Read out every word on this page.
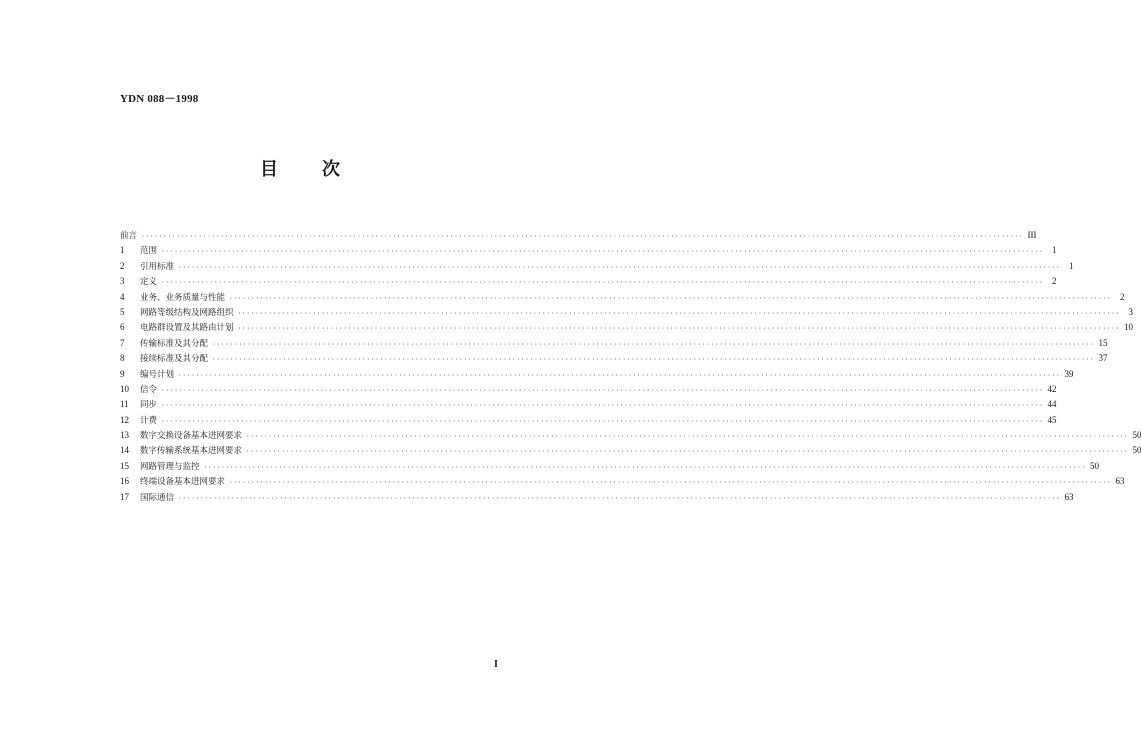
YDN 088－1998
目 次
前言 ········································································································································································································ III
1	范围 ········································································································································································································ 1
2	引用标准 ········································································································································································································ 1
3	定义 ········································································································································································································ 2
4	业务、业务质量与性能 ········································································································································································································ 2
5	网路等级结构及网路组织 ········································································································································································································ 3
6	电路群设置及其路由计划 ········································································································································································································ 10
7	传输标准及其分配 ········································································································································································································ 15
8	接续标准及其分配 ········································································································································································································ 37
9	编号计划 ········································································································································································································ 39
10	信令 ········································································································································································································ 42
11	同步 ········································································································································································································ 44
12	计费 ········································································································································································································ 45
13	数字交换设备基本进网要求 ········································································································································································································ 50
14	数字传输系统基本进网要求 ········································································································································································································ 50
15	网路管理与监控 ········································································································································································································ 50
16	终端设备基本进网要求 ········································································································································································································ 63
17	国际通信 ········································································································································································································ 63
I
